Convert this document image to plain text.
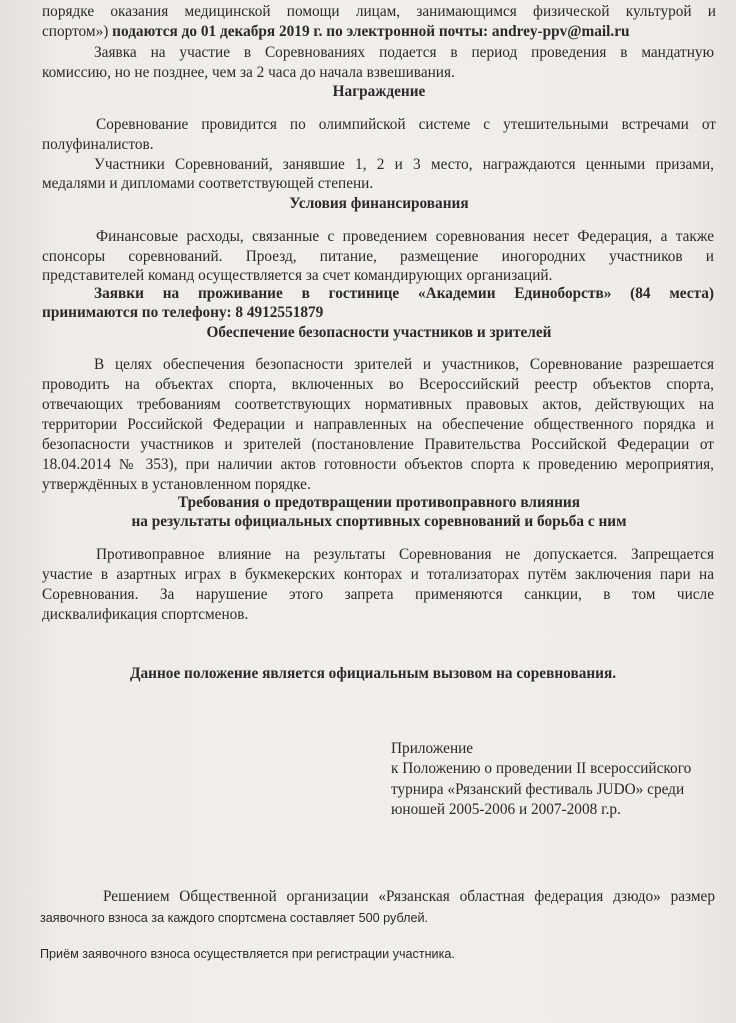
порядке оказания медицинской помощи лицам, занимающимся физической культурой и
спортом») подаются до 01 декабря 2019 г. по электронной почты: andrey-ppv@mail.ru
Заявка на участие в Соревнованиях подается в период проведения в мандатную
комиссию, но не позднее, чем за 2 часа до начала взвешивания.
Награждение
Соревнование провидится по олимпийской системе с утешительными встречами от
полуфиналистов.
Участники Соревнований, занявшие 1, 2 и 3 место, награждаются ценными призами,
медалями и дипломами соответствующей степени.
Условия финансирования
Финансовые расходы, связанные с проведением соревнования несет Федерация, а также
спонсоры соревнований. Проезд, питание, размещение иногородних участников и
представителей команд осуществляется за счет командирующих организаций.
Заявки на проживание в гостинице «Академии Единоборств» (84 места)
принимаются по телефону: 8 4912551879
Обеспечение безопасности участников и зрителей
В целях обеспечения безопасности зрителей и участников, Соревнование разрешается
проводить на объектах спорта, включенных во Всероссийский реестр объектов спорта,
отвечающих требованиям соответствующих нормативных правовых актов, действующих на
территории Российской Федерации и направленных на обеспечение общественного порядка и
безопасности участников и зрителей (постановление Правительства Российской Федерации от
18.04.2014 № 353), при наличии актов готовности объектов спорта к проведению мероприятия,
утверждённых в установленном порядке.
Требования о предотвращении противоправного влияния
на результаты официальных спортивных соревнований и борьба с ним
Противоправное влияние на результаты Соревнования не допускается. Запрещается
участие в азартных играх в букмекерских конторах и тотализаторах путём заключения пари на
Соревнования. За нарушение этого запрета применяются санкции, в том числе
дисквалификация спортсменов.
Данное положение является официальным вызовом на соревнования.
Приложение
к Положению о проведении II всероссийского
турнира «Рязанский фестиваль JUDO» среди
юношей 2005-2006 и 2007-2008 г.р.
Решением Общественной организации «Рязанская областная федерация дзюдо» размер
заявочного взноса за каждого спортсмена составляет 500 рублей.
Приём заявочного взноса осуществляется при регистрации участника.
